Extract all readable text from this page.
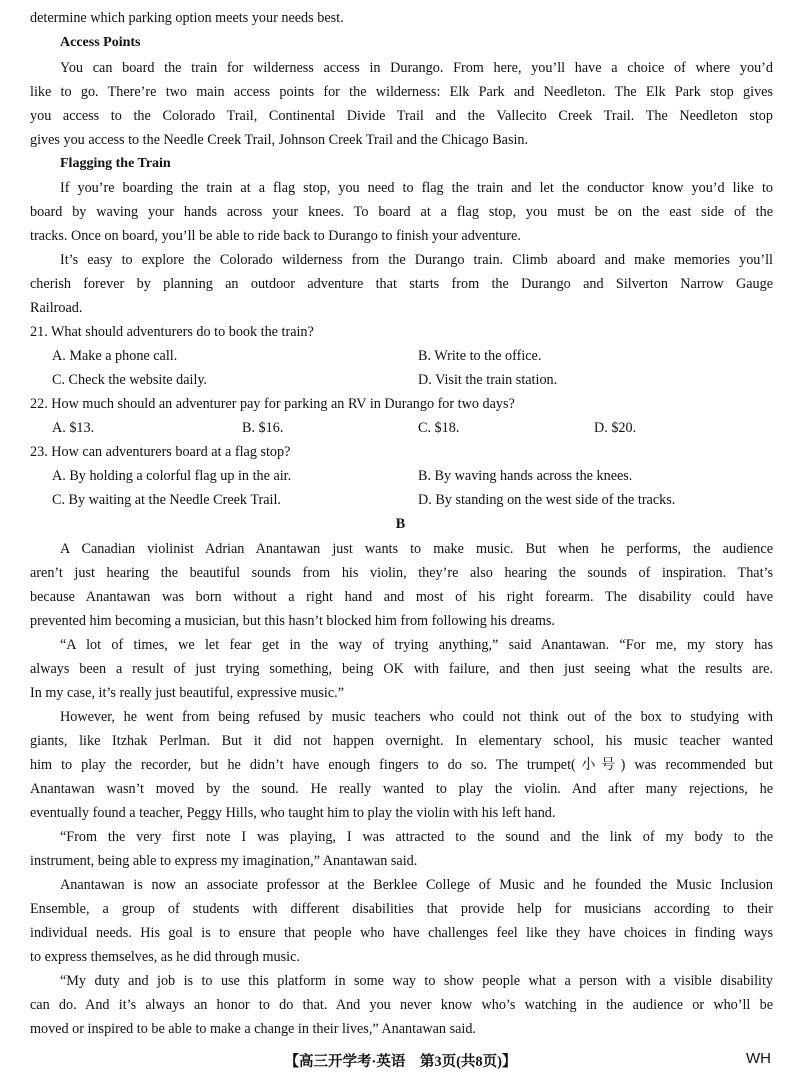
determine which parking option meets your needs best.
Access Points
You can board the train for wilderness access in Durango. From here, you’ll have a choice of where you’d
like to go. There’re two main access points for the wilderness: Elk Park and Needleton. The Elk Park stop gives
you access to the Colorado Trail, Continental Divide Trail and the Vallecito Creek Trail. The Needleton stop
gives you access to the Needle Creek Trail, Johnson Creek Trail and the Chicago Basin.
Flagging the Train
If you’re boarding the train at a flag stop, you need to flag the train and let the conductor know you’d like to
board by waving your hands across your knees. To board at a flag stop, you must be on the east side of the
tracks. Once on board, you’ll be able to ride back to Durango to finish your adventure.
It’s easy to explore the Colorado wilderness from the Durango train. Climb aboard and make memories you’ll
cherish forever by planning an outdoor adventure that starts from the Durango and Silverton Narrow Gauge
Railroad.
21. What should adventurers do to book the train?
A. Make a phone call.	B. Write to the office.
C. Check the website daily.	D. Visit the train station.
22. How much should an adventurer pay for parking an RV in Durango for two days?
A. $13.	B. $16.	C. $18.	D. $20.
23. How can adventurers board at a flag stop?
A. By holding a colorful flag up in the air.	B. By waving hands across the knees.
C. By waiting at the Needle Creek Trail.	D. By standing on the west side of the tracks.
B
A Canadian violinist Adrian Anantawan just wants to make music. But when he performs, the audience
aren’t just hearing the beautiful sounds from his violin, they’re also hearing the sounds of inspiration. That’s
because Anantawan was born without a right hand and most of his right forearm. The disability could have
prevented him becoming a musician, but this hasn’t blocked him from following his dreams.
“A lot of times, we let fear get in the way of trying anything,” said Anantawan. “For me, my story has
always been a result of just trying something, being OK with failure, and then just seeing what the results are.
In my case, it’s really just beautiful, expressive music.”
However, he went from being refused by music teachers who could not think out of the box to studying with
giants, like Itzhak Perlman. But it did not happen overnight. In elementary school, his music teacher wanted
him to play the recorder, but he didn’t have enough fingers to do so. The trumpet(小号) was recommended but
Anantawan wasn’t moved by the sound. He really wanted to play the violin. And after many rejections, he
eventually found a teacher, Peggy Hills, who taught him to play the violin with his left hand.
“From the very first note I was playing, I was attracted to the sound and the link of my body to the
instrument, being able to express my imagination,” Anantawan said.
Anantawan is now an associate professor at the Berklee College of Music and he founded the Music Inclusion
Ensemble, a group of students with different disabilities that provide help for musicians according to their
individual needs. His goal is to ensure that people who have challenges feel like they have choices in finding ways
to express themselves, as he did through music.
“My duty and job is to use this platform in some way to show people what a person with a visible disability
can do. And it’s always an honor to do that. And you never know who’s watching in the audience or who’ll be
moved or inspired to be able to make a change in their lives,” Anantawan said.
【高三开学考·英语　第3页(共8页)】	WH
